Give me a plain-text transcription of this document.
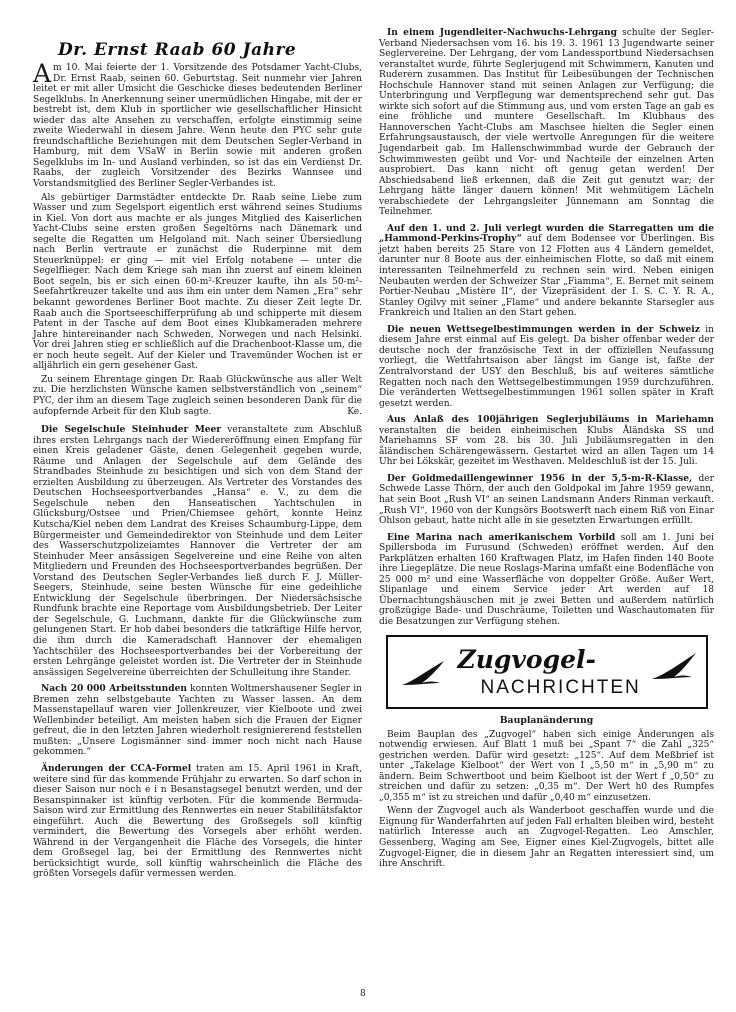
Dr. Ernst Raab 60 Jahre

Am 10. Mai feierte der 1. Vorsitzende des Potsdamer Yacht-Clubs, Dr. Ernst Raab, seinen 60. Geburtstag. Seit nunmehr vier Jahren leitet er mit aller Umsicht die Geschicke dieses bedeutenden Berliner Segelklubs. In Anerkennung seiner unermüdlichen Hingabe, mit der er bestrebt ist, dem Klub in sportlicher wie gesellschaftlicher Hinsicht wieder das alte Ansehen zu verschaffen, erfolgte einstimmig seine zweite Wiederwahl in diesem Jahre. Wenn heute den PYC sehr gute freundschaftliche Beziehungen mit dem Deutschen Segler-Verband in Hamburg, mit dem VSaW in Berlin sowie mit anderen großen Segelklubs im In- und Ausland verbinden, so ist das ein Verdienst Dr. Raabs, der zugleich Vorsitzender des Bezirks Wannsee und Vorstandsmitglied des Berliner Segler-Verbandes ist.

Als gebürtiger Darmstädter entdeckte Dr. Raab seine Liebe zum Wasser und zum Segelsport eigentlich erst während seines Studiums in Kiel. Von dort aus machte er als junges Mitglied des Kaiserlichen Yacht-Clubs seine ersten großen Segeltörns nach Dänemark und segelte die Regatten um Helgoland mit. Nach seiner Übersiedlung nach Berlin vertraute er zunächst die Ruderpinne mit dem Steuerknüppel: er ging — mit viel Erfolg notabene — unter die Segelflieger. Nach dem Kriege sah man ihn zuerst auf einem kleinen Boot segeln, bis er sich einen 60-m²-Kreuzer kaufte, ihn als 50-m²-Seefahrtkreuzer takelte und aus ihm ein unter dem Namen „Era“ sehr bekannt gewordenes Berliner Boot machte. Zu dieser Zeit legte Dr. Raab auch die Sportseeschifferprüfung ab und schipperte mit diesem Patent in der Tasche auf dem Boot eines Klubkameraden mehrere Jahre hintereinander nach Schweden, Norwegen und nach Helsinki. Vor drei Jahren stieg er schließlich auf die Drachenboot-Klasse um, die er noch heute segelt. Auf der Kieler und Travemünder Wochen ist er alljährlich ein gern gesehener Gast.

Zu seinem Ehrentage gingen Dr. Raab Glückwünsche aus aller Welt zu. Die herzlichsten Wünsche kamen selbstverständlich von „seinem“ PYC, der ihm an diesem Tage zugleich seinen besonderen Dank für die aufopfernde Arbeit für den Klub sagte.	Ke.

Die Segelschule Steinhuder Meer veranstaltete zum Abschluß ihres ersten Lehrgangs nach der Wiedereröffnung einen Empfang für einen Kreis geladener Gäste, denen Gelegenheit gegeben wurde, Räume und Anlagen der Segelschule auf dem Gelände des Strandbades Steinhude zu besichtigen und sich von dem Stand der erzielten Ausbildung zu überzeugen. Als Vertreter des Vorstandes des Deutschen Hochseesportverbandes „Hansa“ e. V., zu dem die Segelschule neben den Hanseatischen Yachtschulen in Glücksburg/Ostsee und Prien/Chiemsee gehört, konnte Heinz Kutscha/Kiel neben dem Landrat des Kreises Schaumburg-Lippe, dem Bürgermeister und Gemeindedirektor von Steinhude und dem Leiter des Wasserschutzpolizeiamtes Hannover die Vertreter der am Steinhuder Meer ansässigen Segelvereine und eine Reihe von alten Mitgliedern und Freunden des Hochseesportverbandes begrüßen. Der Vorstand des Deutschen Segler-Verbandes ließ durch F. J. Müller-Seegers, Steinhude, seine besten Wünsche für eine gedeihliche Entwicklung der Segelschule überbringen. Der Niedersächsische Rundfunk brachte eine Reportage vom Ausbildungsbetrieb. Der Leiter der Segelschule, G. Luchmann, dankte für die Glückwünsche zum gelungenen Start. Er hob dabei besonders die tatkräftige Hilfe hervor, die ihm durch die Kameradschaft Hannover der ehemaligen Yachtschüler des Hochseesportverbandes bei der Vorbereitung der ersten Lehrgänge geleistet worden ist. Die Vertreter der in Steinhude ansässigen Segelvereine überreichten der Schulleitung ihre Stander.

Nach 20 000 Arbeitsstunden konnten Woltmershausener Segler in Bremen zehn selbstgebaute Yachten zu Wasser lassen. An dem Massenstapellauf waren vier Jollenkreuzer, vier Kielboote und zwei Wellenbinder beteiligt. Am meisten haben sich die Frauen der Eigner gefreut, die in den letzten Jahren wiederholt resigniererend feststellen mußten: „Unsere Logismänner sind immer noch nicht nach Hause gekommen.“

Änderungen der CCA-Formel traten am 15. April 1961 in Kraft, weitere sind für das kommende Frühjahr zu erwarten. So darf schon in dieser Saison nur noch e i n Besanstagsegel benutzt werden, und der Besanspinnaker ist künftig verboten. Für die kommende Bermuda-Saison wird zur Ermittlung des Rennwertes ein neuer Stabilitätsfaktor eingeführt. Auch die Bewertung des Großsegels soll künftig vermindert, die Bewertung des Vorsegels aber erhöht werden. Während in der Vergangenheit die Fläche des Vorsegels, die hinter dem Großsegel lag, bei der Ermittlung des Rennwertes nicht berücksichtigt wurde, soll künftig wahrscheinlich die Fläche des größten Vorsegels dafür vermessen werden.

In einem Jugendleiter-Nachwuchs-Lehrgang schulte der Segler-Verband Niedersachsen vom 16. bis 19. 3. 1961 13 Jugendwarte seiner Seglervereine. Der Lehrgang, der vom Landessportbund Niedersachsen veranstaltet wurde, führte Seglerjugend mit Schwimmern, Kanuten und Ruderern zusammen. Das Institut für Leibesübungen der Technischen Hochschule Hannover stand mit seinen Anlagen zur Verfügung; die Unterbringung und Verpflegung war dementsprechend sehr gut. Das wirkte sich sofort auf die Stimmung aus, und vom ersten Tage an gab es eine fröhliche und muntere Gesellschaft. Im Klubhaus des Hannoverschen Yacht-Clubs am Maschsee hielten die Segler einen Erfahrungsaustausch, der viele wertvolle Anregungen für die weitere Jugendarbeit gab. Im Hallenschwimmbad wurde der Gebrauch der Schwimmwesten geübt und Vor- und Nachteile der einzelnen Arten ausprobiert. Das kann nicht oft genug getan werden! Der Abschiedsabend ließ erkennen, daß die Zeit gut genutzt war; der Lehrgang hätte länger dauern können! Mit wehmütigem Lächeln verabschiedete der Lehrgangsleiter Jünnemann am Sonntag die Teilnehmer.

Auf den 1. und 2. Juli verlegt wurden die Starregatten um die „Hammond-Perkins-Trophy“ auf dem Bodensee vor Überlingen. Bis jetzt haben bereits 25 Stare von 12 Flotten aus 4 Ländern gemeldet, darunter nur 8 Boote aus der einheimischen Flotte, so daß mit einem interessanten Teilnehmerfeld zu rechnen sein wird. Neben einigen Neubauten werden der Schweizer Star „Fiamma“, E. Bernet mit seinem Portier-Neubau „Mistère II“, der Vizepräsident der I. S. C. Y. R. A., Stanley Ogilvy mit seiner „Flame“ und andere bekannte Starsegler aus Frankreich und Italien an den Start gehen.

Die neuen Wettsegelbestimmungen werden in der Schweiz in diesem Jahre erst einmal auf Eis gelegt. Da bisher offenbar weder der deutsche noch der französische Text in der offiziellen Neufassung vorliegt, die Wettfahrtsaison aber längst im Gange ist, faßte der Zentralvorstand der USY den Beschluß, bis auf weiteres sämtliche Regatten noch nach den Wettsegelbestimmungen 1959 durchzuführen. Die veränderten Wettsegelbestimmungen 1961 sollen später in Kraft gesetzt werden.

Aus Anlaß des 100jährigen Seglerjubiläums in Mariehamn veranstalten die beiden einheimischen Klubs Åländska SS und Mariehamns SF vom 28. bis 30. Juli Jubiläumsregatten in den åländischen Schärengewässern. Gestartet wird an allen Tagen um 14 Uhr bei Lökskär, gezeitet im Westhaven. Meldeschluß ist der 15. Juli.

Der Goldmedaillengewinner 1956 in der 5,5-m-R-Klasse, der Schwede Lasse Thörn, der auch den Goldpokal im Jahre 1959 gewann, hat sein Boot „Rush VI“ an seinen Landsmann Anders Rinman verkauft. „Rush VI“, 1960 von der Kungsörs Bootswerft nach einem Riß von Einar Ohlson gebaut, hatte nicht alle in sie gesetzten Erwartungen erfüllt.

Eine Marina nach amerikanischem Vorbild soll am 1. Juni bei Spillersboda im Furusund (Schweden) eröffnet werden. Auf den Parkplätzen erhalten 160 Kraftwagen Platz, im Hafen finden 140 Boote ihre Liegeplätze. Die neue Roslags-Marina umfaßt eine Bodenfläche von 25 000 m² und eine Wasserfläche von doppelter Größe. Außer Wert, Slipanlage und einem Service jeder Art werden auf 18 Übernachtungshäuschen mit je zwei Betten und außerdem natürlich großzügige Bade- und Duschräume, Toiletten und Waschautomaten für die Besatzungen zur Verfügung stehen.

Zugvogel-
NACHRICHTEN
Bauplanänderung

Beim Bauplan des „Zugvogel“ haben sich einige Änderungen als notwendig erwiesen. Auf Blatt 1 muß bei „Spant 7“ die Zahl „325“ gestrichen werden. Dafür wird gesetzt: „125“. Auf dem Meßbrief ist unter „Takelage Kielboot“ der Wert von I „5,50 m“ in „5,90 m“ zu ändern. Beim Schwertboot und beim Kielboot ist der Wert f „0,50“ zu streichen und dafür zu setzen: „0,35 m“. Der Wert h0 des Rumpfes „0,355 m“ ist zu streichen und dafür „0,40 m“ einzusetzen.

Wenn der Zugvogel auch als Wanderboot geschaffen wurde und die Eignung für Wanderfahrten auf jeden Fall erhalten bleiben wird, besteht natürlich Interesse auch an Zugvogel-Regatten. Leo Amschler, Gessenberg, Waging am See, Eigner eines Kiel-Zugvogels, bittet alle Zugvogel-Eigner, die in diesem Jahr an Regatten interessiert sind, um ihre Anschrift.

8
